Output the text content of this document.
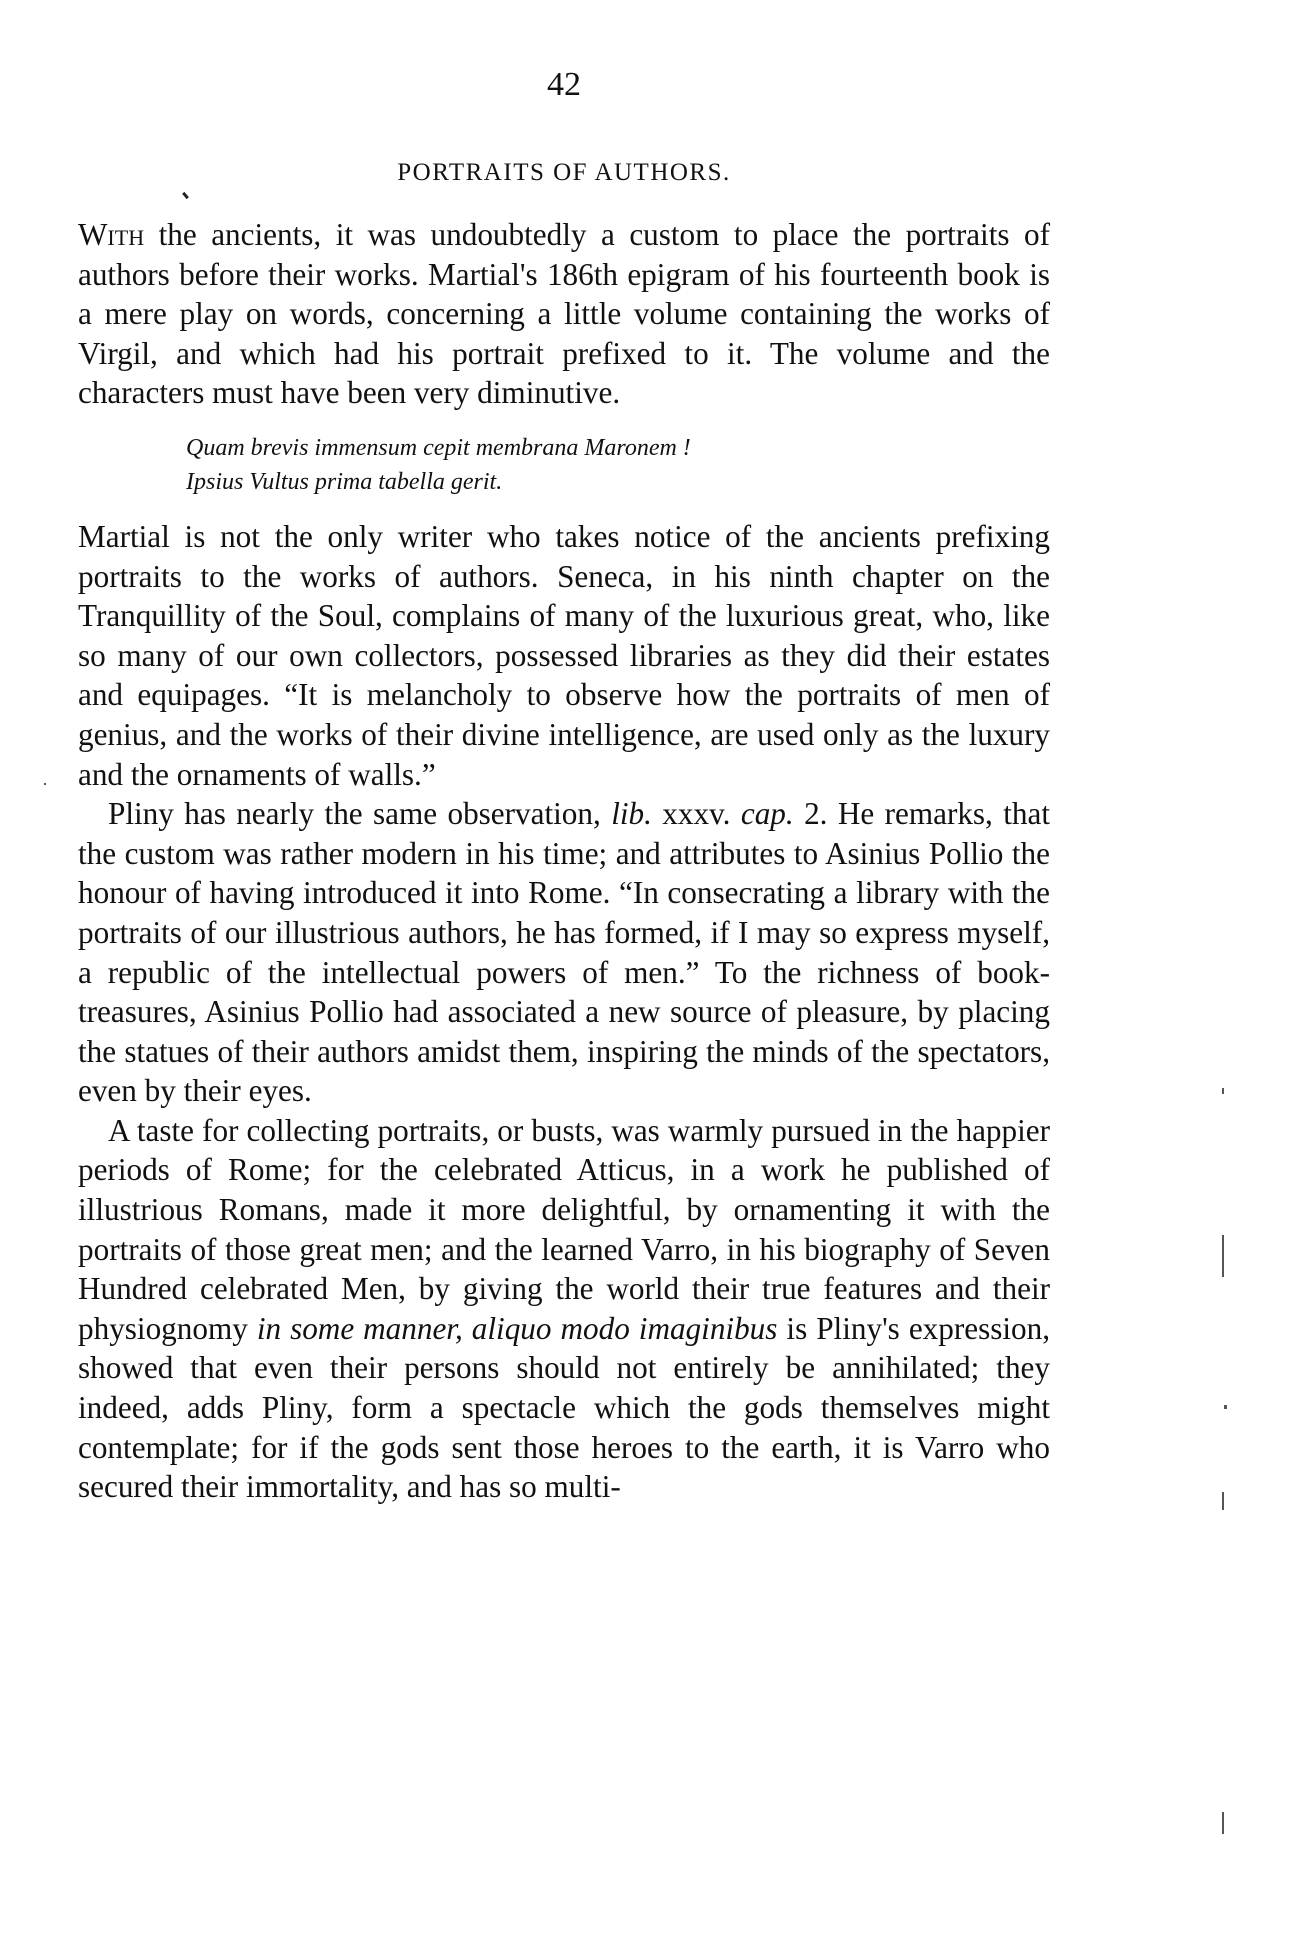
42
PORTRAITS OF AUTHORS.

With the ancients, it was undoubtedly a custom to place the portraits of authors before their works. Martial's 186th epigram of his fourteenth book is a mere play on words, concerning a little volume containing the works of Virgil, and which had his portrait prefixed to it. The volume and the characters must have been very diminutive.

Quam brevis immensum cepit membrana Maronem !
Ipsius Vultus prima tabella gerit.

Martial is not the only writer who takes notice of the ancients prefixing portraits to the works of authors. Seneca, in his ninth chapter on the Tranquillity of the Soul, complains of many of the luxurious great, who, like so many of our own collectors, possessed libraries as they did their estates and equipages. “It is melancholy to observe how the portraits of men of genius, and the works of their divine intelligence, are used only as the luxury and the ornaments of walls.”

Pliny has nearly the same observation, lib. xxxv. cap. 2. He remarks, that the custom was rather modern in his time; and attributes to Asinius Pollio the honour of having introduced it into Rome. “In consecrating a library with the portraits of our illustrious authors, he has formed, if I may so express myself, a republic of the intellectual powers of men.” To the richness of book-treasures, Asinius Pollio had associated a new source of pleasure, by placing the statues of their authors amidst them, inspiring the minds of the spectators, even by their eyes.

A taste for collecting portraits, or busts, was warmly pursued in the happier periods of Rome; for the celebrated Atticus, in a work he published of illustrious Romans, made it more delightful, by ornamenting it with the portraits of those great men; and the learned Varro, in his biography of Seven Hundred celebrated Men, by giving the world their true features and their physiognomy in some manner, aliquo modo imaginibus is Pliny's expression, showed that even their persons should not entirely be annihilated; they indeed, adds Pliny, form a spectacle which the gods themselves might contemplate; for if the gods sent those heroes to the earth, it is Varro who secured their immortality, and has so multi-
